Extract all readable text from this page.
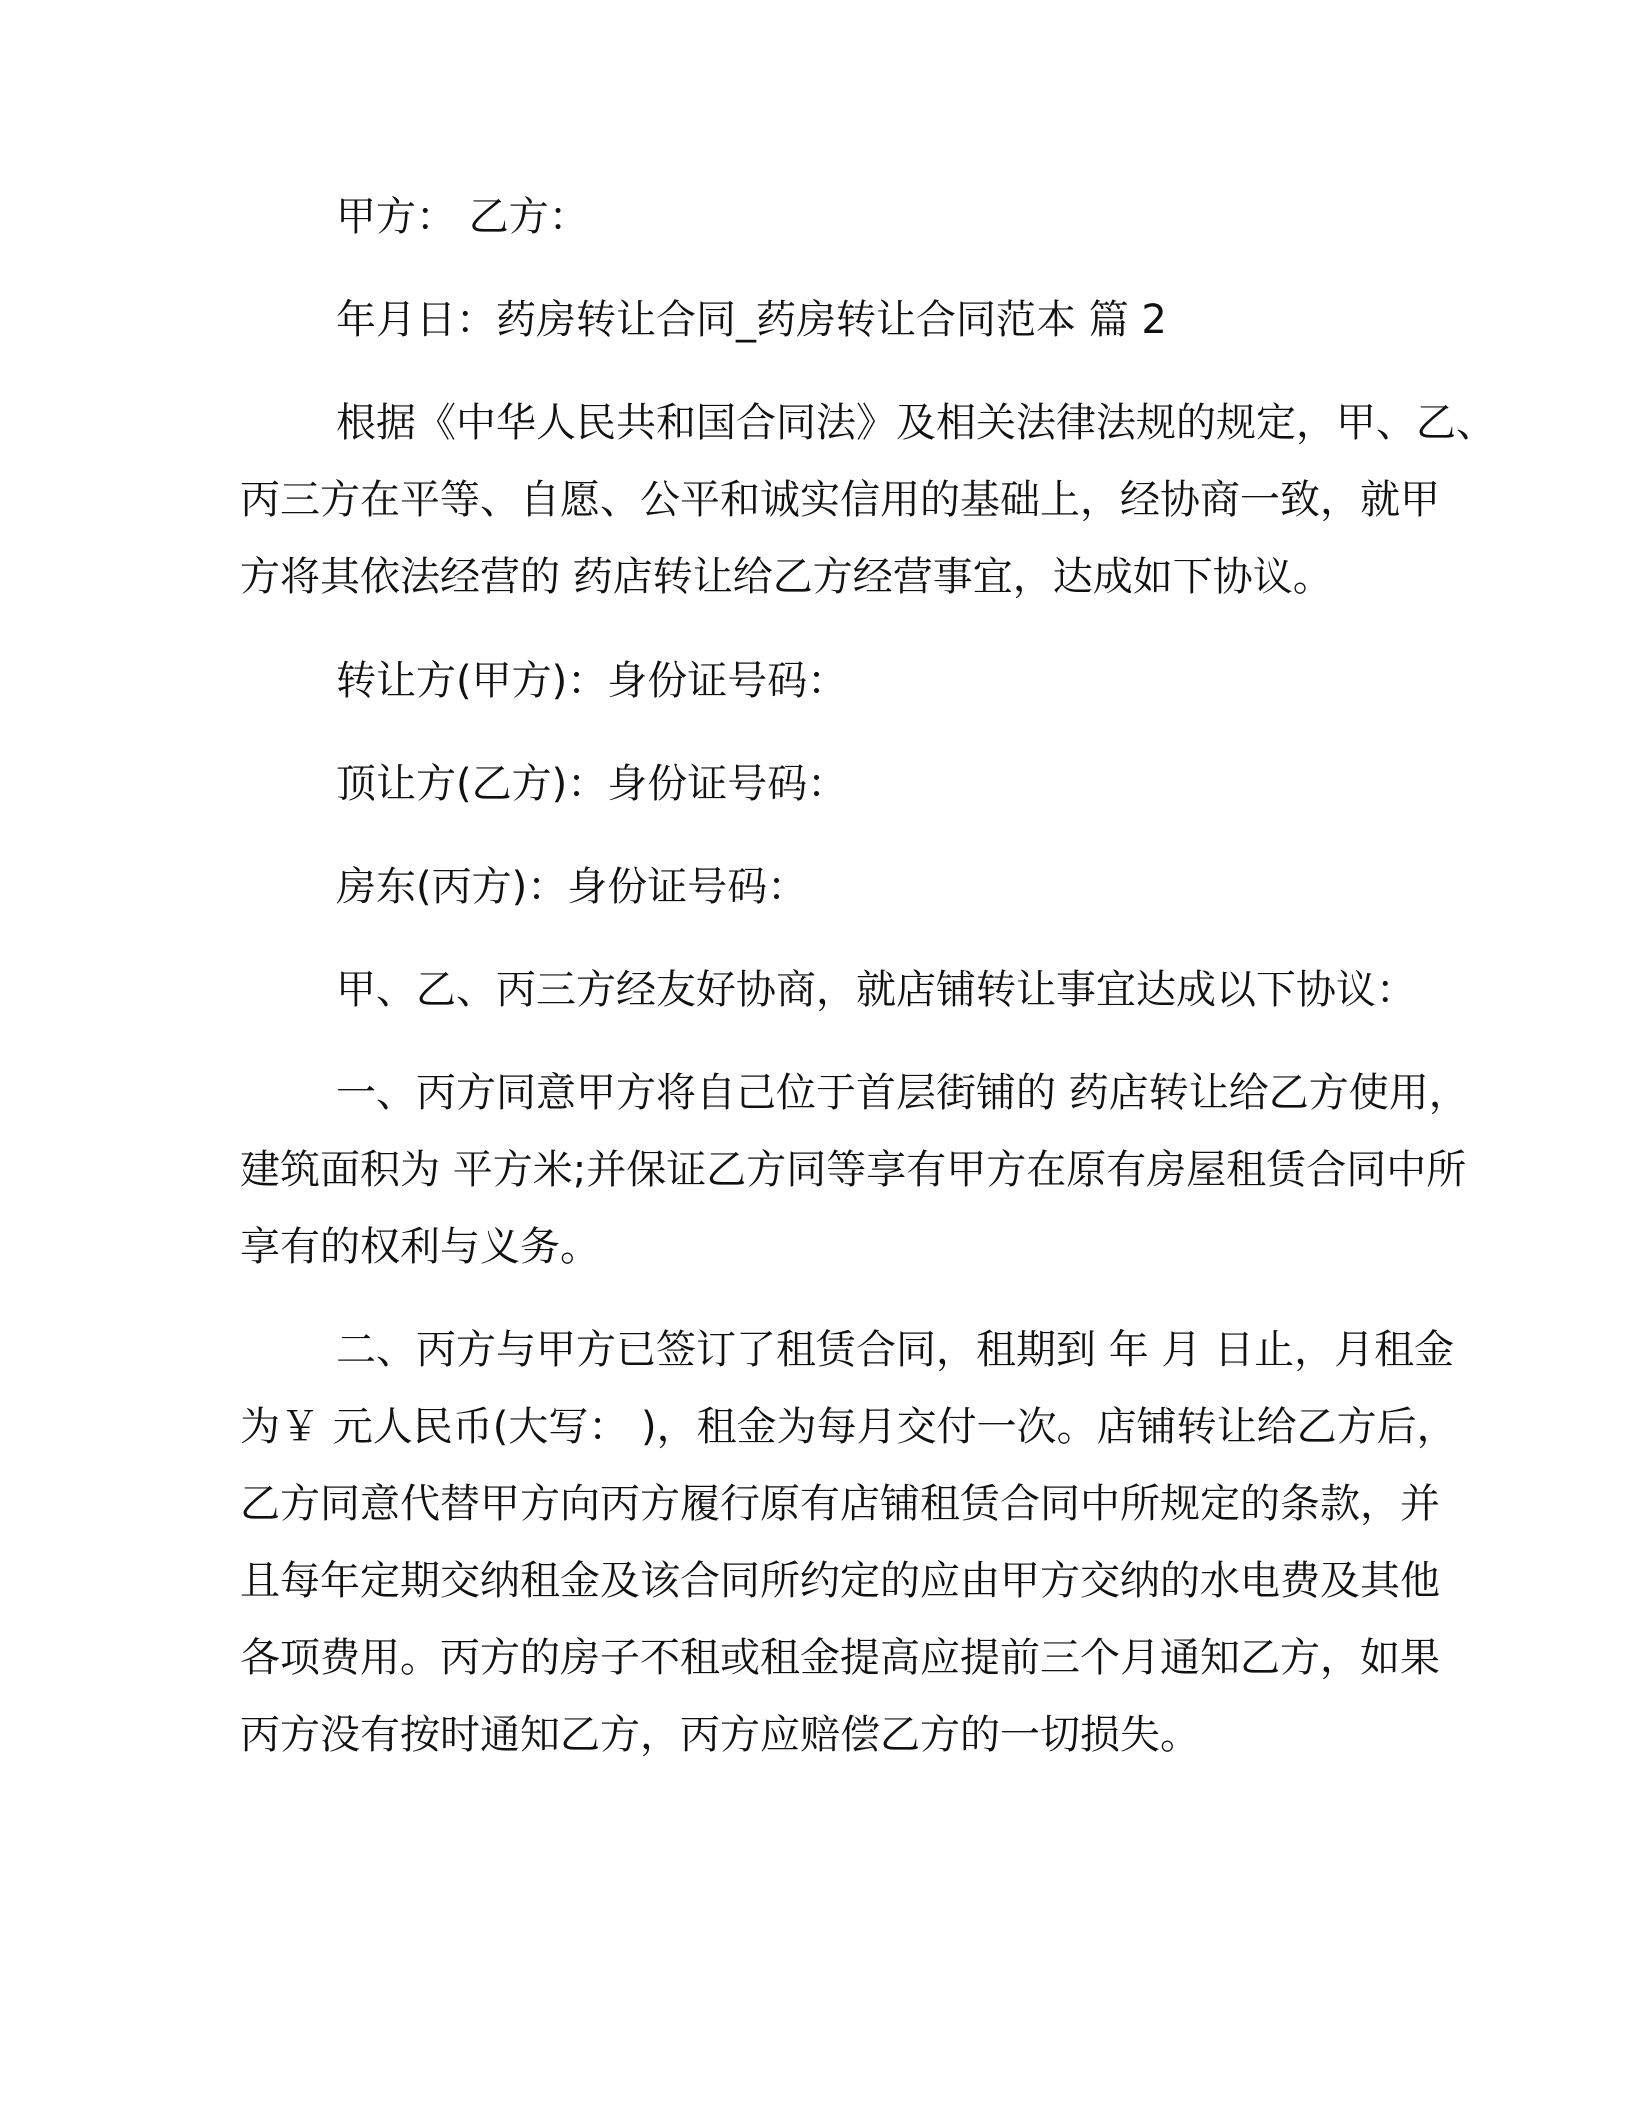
甲方： 乙方：
年月日：药房转让合同_药房转让合同范本 篇 2
根据《中华人民共和国合同法》及相关法律法规的规定，甲、乙、
丙三方在平等、自愿、公平和诚实信用的基础上，经协商一致，就甲
方将其依法经营的 药店转让给乙方经营事宜，达成如下协议。
转让方(甲方)：身份证号码：
顶让方(乙方)：身份证号码：
房东(丙方)：身份证号码：
甲、乙、丙三方经友好协商，就店铺转让事宜达成以下协议：
一、丙方同意甲方将自己位于首层街铺的 药店转让给乙方使用，
建筑面积为 平方米;并保证乙方同等享有甲方在原有房屋租赁合同中所
享有的权利与义务。
二、丙方与甲方已签订了租赁合同，租期到 年 月 日止，月租金
为￥ 元人民币(大写： )，租金为每月交付一次。店铺转让给乙方后，
乙方同意代替甲方向丙方履行原有店铺租赁合同中所规定的条款，并
且每年定期交纳租金及该合同所约定的应由甲方交纳的水电费及其他
各项费用。丙方的房子不租或租金提高应提前三个月通知乙方，如果
丙方没有按时通知乙方，丙方应赔偿乙方的一切损失。
